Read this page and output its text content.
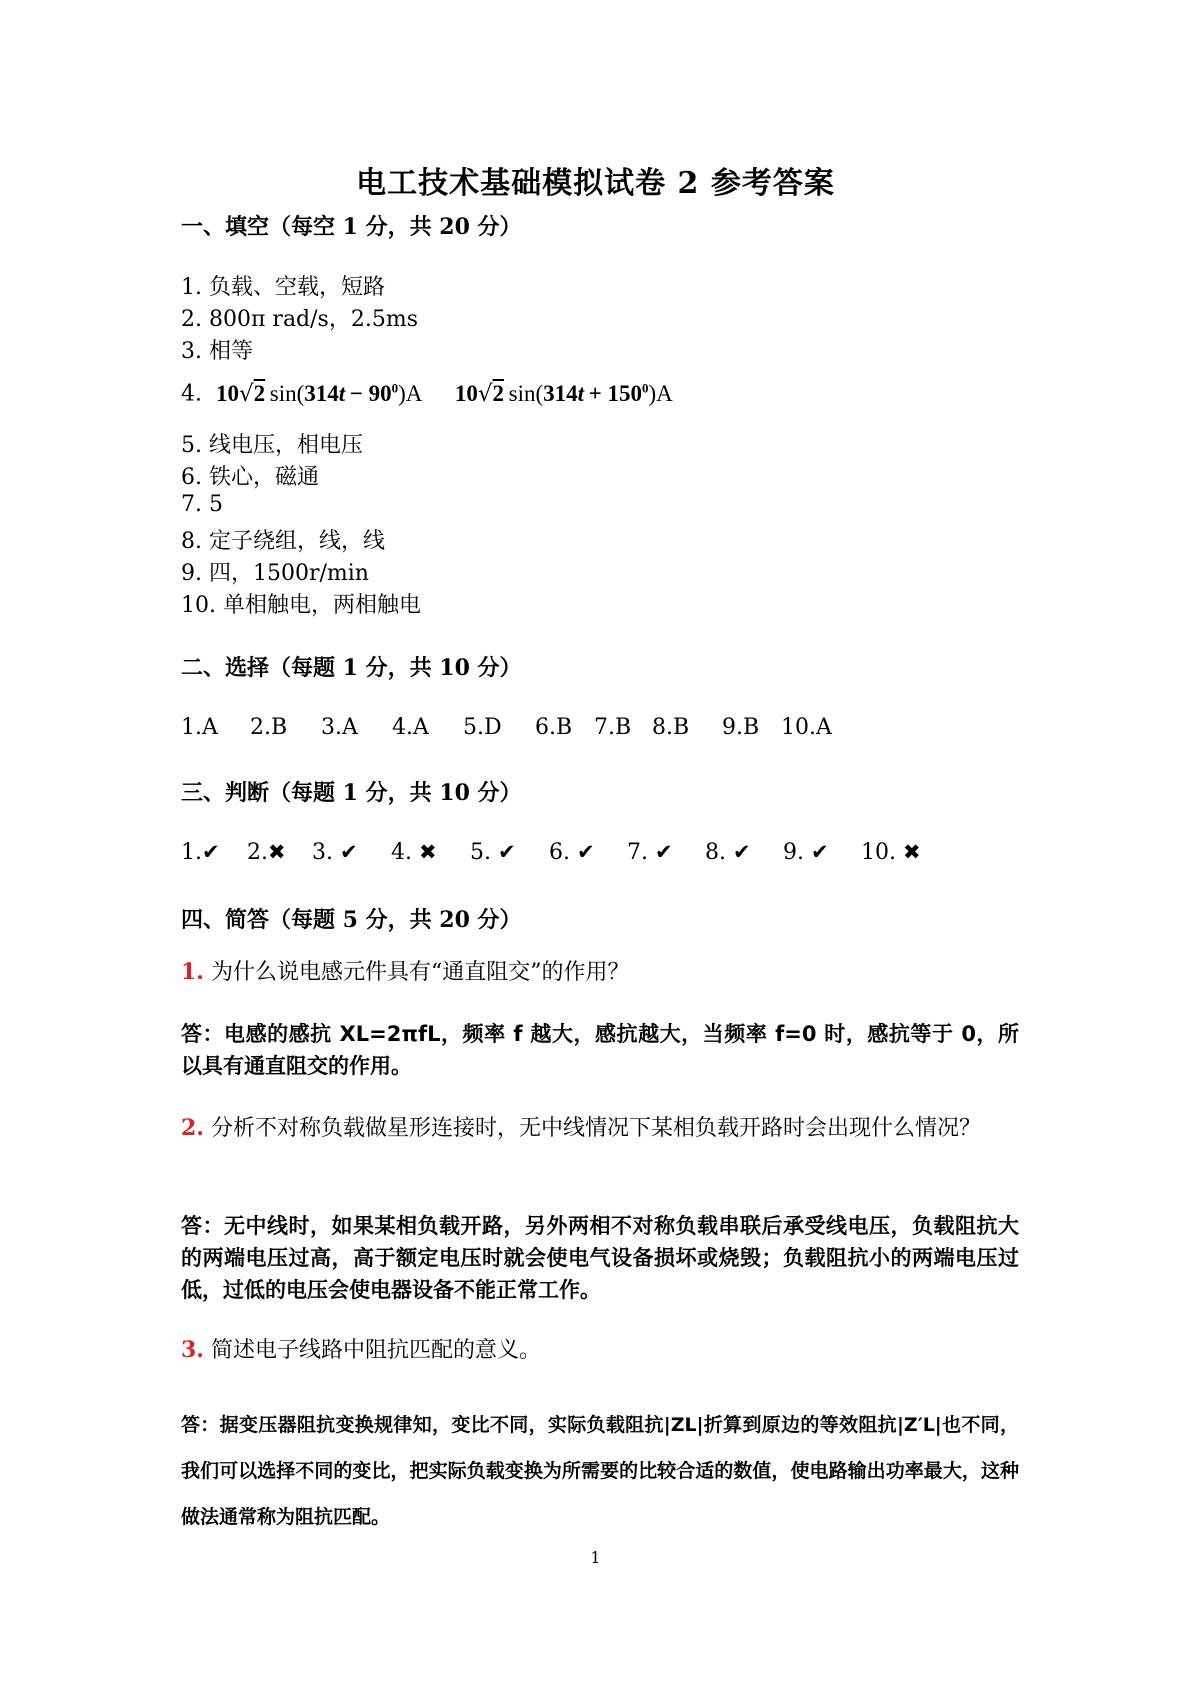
电工技术基础模拟试卷 2 参考答案
一、填空（每空 1 分，共 20 分）
1. 负载、空载，短路
2. 800π rad/s，2.5ms
3. 相等
4. 10√2  $\sin(314t - 90^0)A$ 10√2  $\sin(314t + 150^0)A$
5. 线电压，相电压
6. 铁心，磁通
7. 5
8. 定子绕组，线，线
9. 四，1500r/min
10. 单相触电，两相触电
二、选择（每题 1 分，共 10 分）
1.A 2.B 3.A 4.A 5.D 6.B 7.B 8.B 9.B 10.A
三、判断（每题 1 分，共 10 分）
1.✔ 2.✖ 3. ✔ 4. ✖ 5. ✔ 6. ✔ 7. ✔ 8. ✔ 9. ✔ 10. ✖
四、简答（每题 5 分，共 20 分）
1. 为什么说电感元件具有“通直阻交”的作用？
答：电感的感抗 XL=2πfL，频率 f 越大，感抗越大，当频率 f=0 时，感抗等于 0，所以具有通直阻交的作用。
2. 分析不对称负载做星形连接时，无中线情况下某相负载开路时会出现什么情况？
答：无中线时，如果某相负载开路，另外两相不对称负载串联后承受线电压，负载阻抗大的两端电压过高，高于额定电压时就会使电气设备损坏或烧毁；负载阻抗小的两端电压过低，过低的电压会使电器设备不能正常工作。
3. 简述电子线路中阻抗匹配的意义。
答：据变压器阻抗变换规律知，变比不同，实际负载阻抗|ZL|折算到原边的等效阻抗|Z′L|也不同，我们可以选择不同的变比，把实际负载变换为所需要的比较合适的数值，使电路输出功率最大，这种做法通常称为阻抗匹配。
1
